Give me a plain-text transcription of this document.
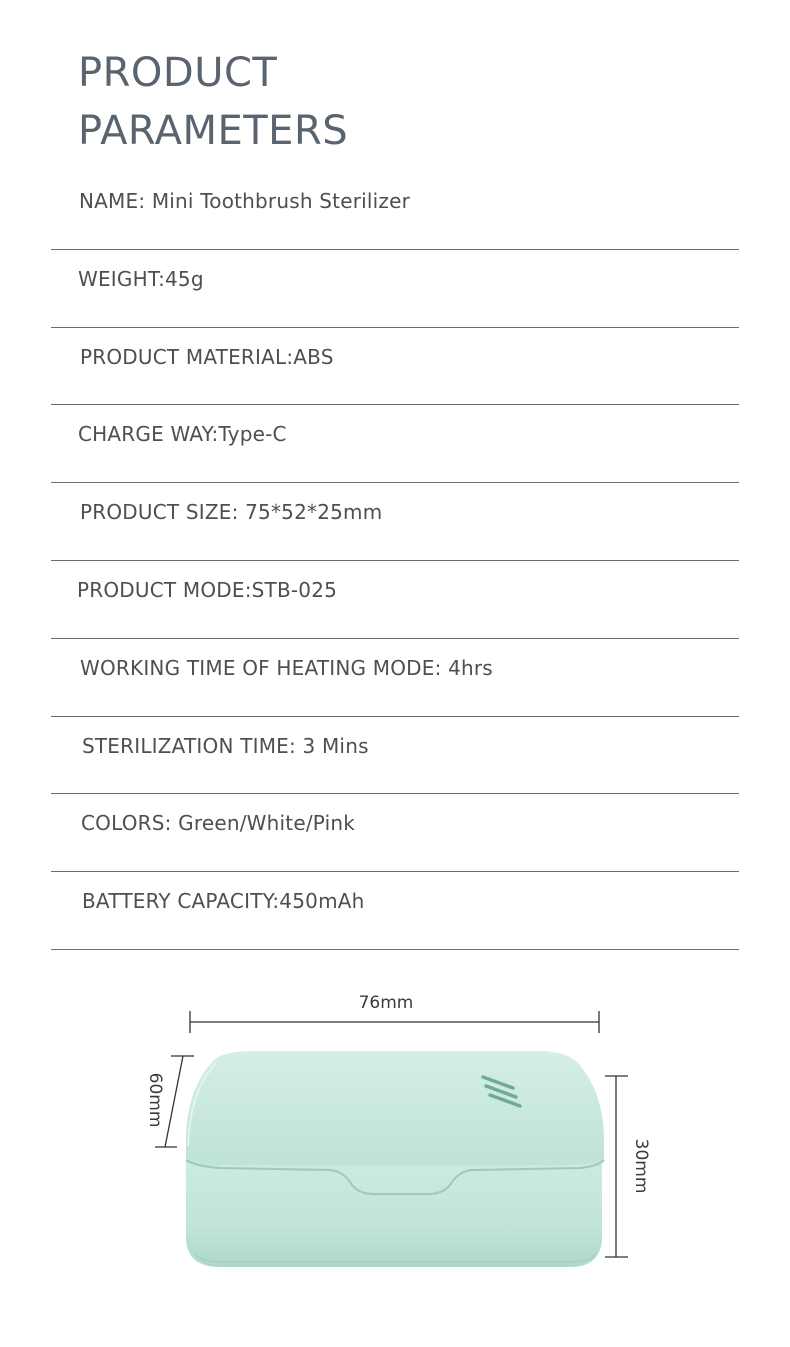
PRODUCT
PARAMETERS
NAME: Mini Toothbrush Sterilizer
WEIGHT:45g
PRODUCT MATERIAL:ABS
CHARGE WAY:Type-C
PRODUCT SIZE: 75*52*25mm
PRODUCT MODE:STB-025
WORKING TIME OF HEATING MODE: 4hrs
STERILIZATION TIME: 3 Mins
COLORS: Green/White/Pink
BATTERY CAPACITY:450mAh
76mm
60mm
30mm
